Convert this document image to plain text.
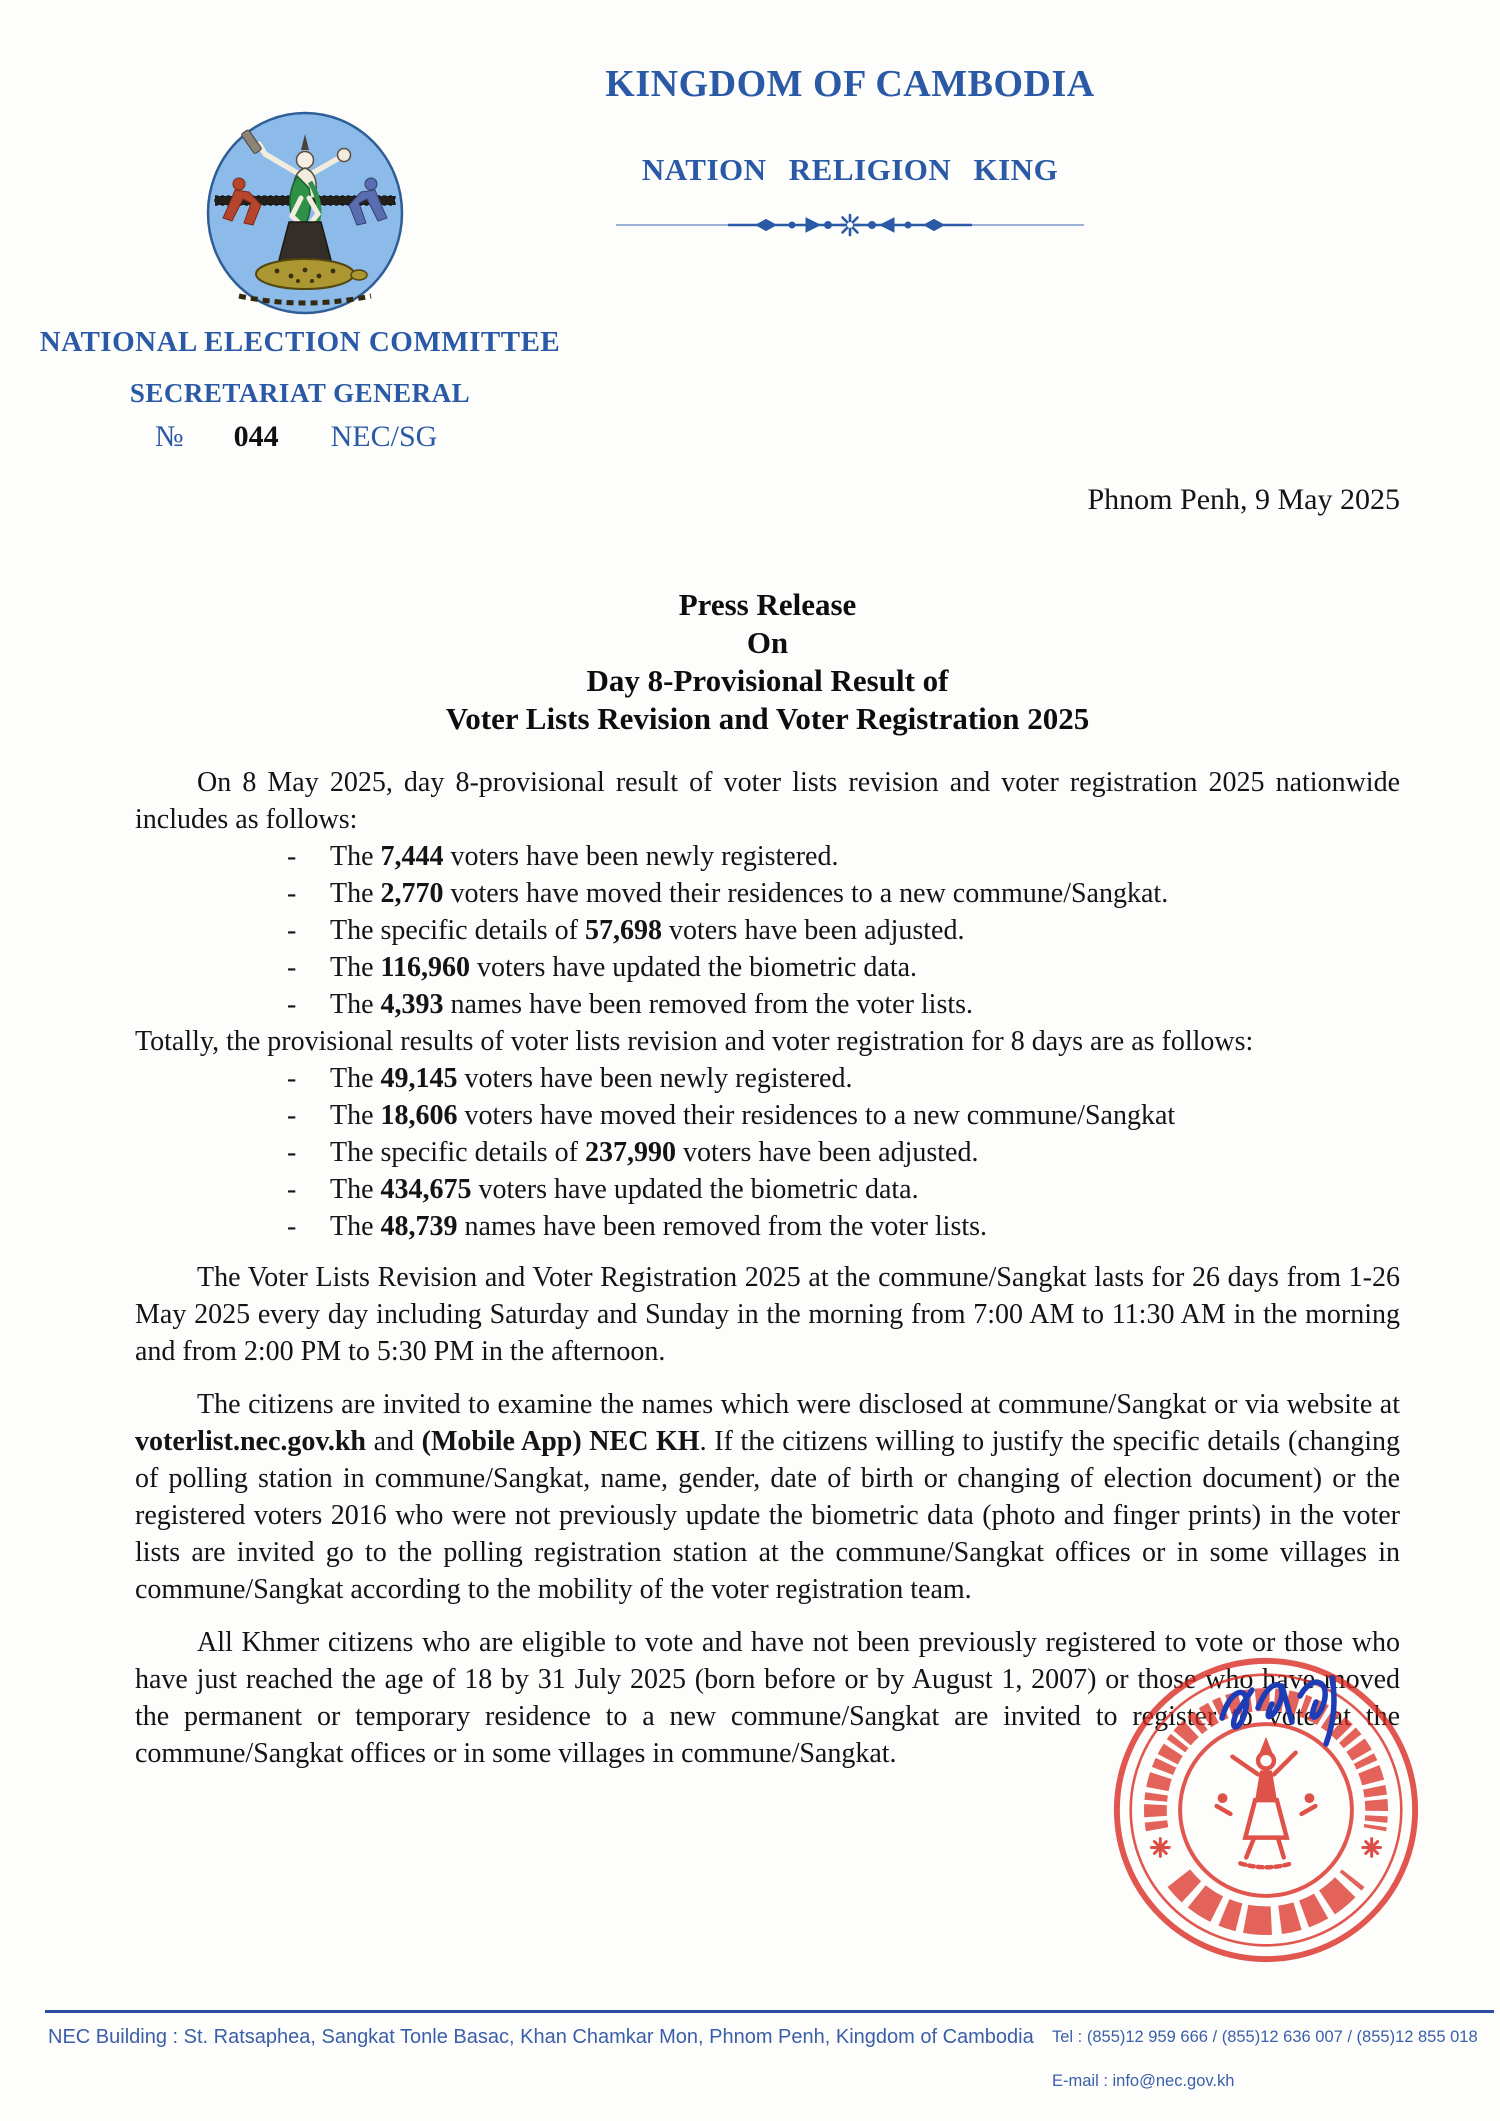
KINGDOM OF CAMBODIA
NATION RELIGION KING
NATIONAL ELECTION COMMITTEE
SECRETARIAT GENERAL
№ 044 NEC/SG
Phnom Penh, 9 May 2025
Press Release
On
Day 8-Provisional Result of
Voter Lists Revision and Voter Registration 2025

On 8 May 2025, day 8-provisional result of voter lists revision and voter registration 2025 nationwide includes as follows:

- The 7,444 voters have been newly registered.
- The 2,770 voters have moved their residences to a new commune/Sangkat.
- The specific details of 57,698 voters have been adjusted.
- The 116,960 voters have updated the biometric data.
- The 4,393 names have been removed from the voter lists.

Totally, the provisional results of voter lists revision and voter registration for 8 days are as follows:

- The 49,145 voters have been newly registered.
- The 18,606 voters have moved their residences to a new commune/Sangkat
- The specific details of 237,990 voters have been adjusted.
- The 434,675 voters have updated the biometric data.
- The 48,739 names have been removed from the voter lists.

The Voter Lists Revision and Voter Registration 2025 at the commune/Sangkat lasts for 26 days from 1-26 May 2025 every day including Saturday and Sunday in the morning from 7:00 AM to 11:30 AM in the morning and from 2:00 PM to 5:30 PM in the afternoon.

The citizens are invited to examine the names which were disclosed at commune/Sangkat or via website at voterlist.nec.gov.kh and (Mobile App) NEC KH. If the citizens willing to justify the specific details (changing of polling station in commune/Sangkat, name, gender, date of birth or changing of election document) or the registered voters 2016 who were not previously update the biometric data (photo and finger prints) in the voter lists are invited go to the polling registration station at the commune/Sangkat offices or in some villages in commune/Sangkat according to the mobility of the voter registration team.

All Khmer citizens who are eligible to vote and have not been previously registered to vote or those who have just reached the age of 18 by 31 July 2025 (born before or by August 1, 2007) or those who have moved the permanent or temporary residence to a new commune/Sangkat are invited to register to vote at the commune/Sangkat offices or in some villages in commune/Sangkat.

NEC Building : St. Ratsaphea, Sangkat Tonle Basac, Khan Chamkar Mon, Phnom Penh, Kingdom of Cambodia Tel : (855)12 959 666 / (855)12 636 007 / (855)12 855 018
E-mail : info@nec.gov.kh
